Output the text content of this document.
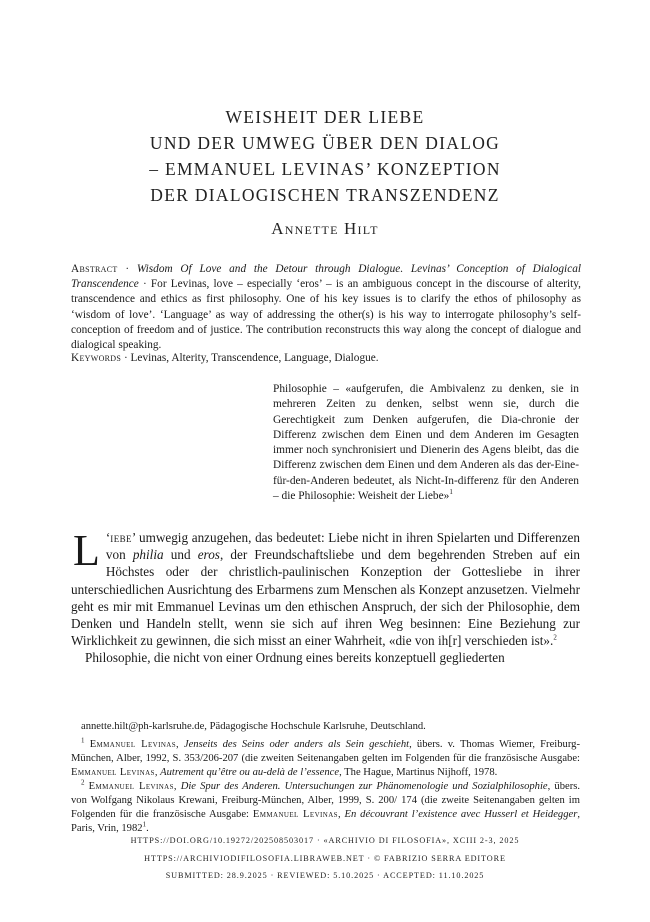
WEISHEIT DER LIEBE
UND DER UMWEG ÜBER DEN DIALOG
– EMMANUEL LEVINAS’ KONZEPTION
DER DIALOGISCHEN TRANSZENDENZ
Annette Hilt
Abstract · Wisdom Of Love and the Detour through Dialogue. Levinas’ Conception of Dialogical Transcendence · For Levinas, love – especially ‘eros’ – is an ambiguous concept in the discourse of alterity, transcendence and ethics as first philosophy. One of his key issues is to clarify the ethos of philosophy as ‘wisdom of love’. ‘Language’ as way of addressing the other(s) is his way to interrogate philosophy’s self-conception of freedom and of justice. The contribution reconstructs this way along the concept of dialogue and dialogical speaking.
Keywords · Levinas, Alterity, Transcendence, Language, Dialogue.
Philosophie – «aufgerufen, die Ambivalenz zu denken, sie in mehreren Zeiten zu denken, selbst wenn sie, durch die Gerechtigkeit zum Denken aufgerufen, die Dia-chronie der Differenz zwischen dem Einen und dem Anderen im Gesagten immer noch synchronisiert und Dienerin des Agens bleibt, das die Differenz zwischen dem Einen und dem Anderen als das der-Eine-für-den-Anderen bedeutet, als Nicht-In-differenz für den Anderen – die Philosophie: Weisheit der Liebe»$^1$

‘
L iebe’ umwegig anzugehen, das bedeutet: Liebe nicht in ihren Spielarten und Differenzen von philia und eros, der Freundschaftsliebe und dem begehrenden Streben auf ein Höchstes oder der christlich-paulinischen Konzeption der Gottesliebe in ihrer unterschiedlichen Ausrichtung des Erbarmens zum Menschen als Konzept anzusetzen. Vielmehr geht es mir mit Emmanuel Levinas um den ethischen Anspruch, der sich der Philosophie, dem Denken und Handeln stellt, wenn sie sich auf ihren Weg besinnen: Eine Beziehung zur Wirklichkeit zu gewinnen, die sich misst an einer Wahrheit, «die von ih[r] verschieden ist».$^2$

Philosophie, die nicht von einer Ordnung eines bereits konzeptuell gegliederten

annette.hilt@ph-karlsruhe.de, Pädagogische Hochschule Karlsruhe, Deutschland.

$^1$ Emmanuel Levinas, Jenseits des Seins oder anders als Sein geschieht, übers. v. Thomas Wiemer, Freiburg-München, Alber, 1992, S. 353/206-207 (die zweiten Seitenangaben gelten im Folgenden für die französische Ausgabe: Emmanuel Levinas, Autrement qu’être ou au-delà de l’essence, The Hague, Martinus Nijhoff, 1978.

$^2$ Emmanuel Levinas, Die Spur des Anderen. Untersuchungen zur Phänomenologie und Sozialphilosophie, übers. von Wolfgang Nikolaus Krewani, Freiburg-München, Alber, 1999, S. 200/ 174 (die zweite Seitenangaben gelten im Folgenden für die französische Ausgabe: Emmanuel Levinas, En découvrant l’existence avec Husserl et Heidegger, Paris, Vrin, 1982$^1$.

HTTPS://DOI.ORG/10.19272/202508503017 · «ARCHIVIO DI FILOSOFIA», XCIII 2-3, 2025
HTTPS://ARCHIVIODIFILOSOFIA.LIBRAWEB.NET · © FABRIZIO SERRA EDITORE
SUBMITTED: 28.9.2025 · REVIEWED: 5.10.2025 · ACCEPTED: 11.10.2025
